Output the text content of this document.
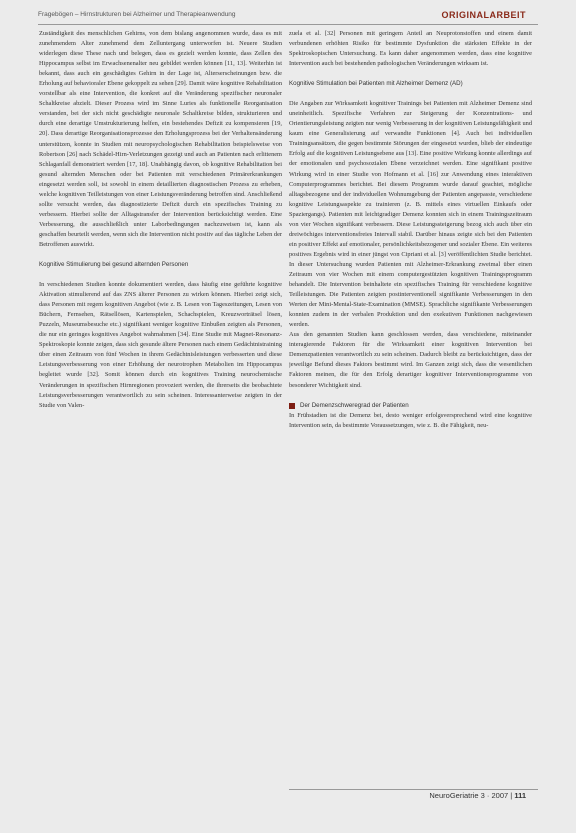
Fragebögen – Hirnstrukturen bei Alzheimer und Therapieanwendung	ORIGINALARBEIT

Zuständigkeit des menschlichen Gehirns, von dem bislang angenommen wurde, dass es mit zunehmendem Alter zunehmend dem Zelluntergang unterworfen ist. Neuere Studien widerlegen diese These nach und belegen, dass es gezielt werden konnte, dass Zellen des Hippocampus selbst im Erwachsenenalter neu gebildet werden können [11, 13]. Weiterhin ist bekannt, dass auch ein geschädigtes Gehirn in der Lage ist, Alterserscheinungen bzw. die Erholung auf behavioraler Ebene gekoppelt zu sehen [29]. Damit wäre kognitive Rehabilitation vorstellbar als eine Intervention, die konkret auf die Veränderung spezifischer neuronaler Schaltkreise abzielt. Dieser Prozess wird im Sinne Luries als funktionelle Reorganisation verstanden, bei der sich nicht geschädigte neuronale Schaltkreise bilden, strukturieren und durch eine derartige Umstrukturierung helfen, ein bestehendes Defizit zu kompensieren [19, 20]. Dass derartige Reorganisationsprozesse den Erholungsprozess bei der Verhaltensänderung unterstützen, konnte in Studien mit neuropsychologischen Rehabilitation beispielsweise von Robertson [26] nach Schädel-Hirn-Verletzungen gezeigt und auch an Patienten nach erlittenem Schlaganfall demonstriert werden [17, 18]. Unabhängig davon, ob kognitive Rehabilitation bei gesund alternden Menschen oder bei Patienten mit verschiedenen Primärerkrankungen eingesetzt werden soll, ist sowohl in einem detaillierten diagnostischen Prozess zu erheben, welche kognitiven Teilleistungen von einer Leistungsveränderung betroffen sind. Anschließend sollte versucht werden, das diagnostizierte Defizit durch ein spezifisches Training zu verbessern. Hierbei sollte der Alltagstransfer der Intervention berücksichtigt werden. Eine Verbesserung, die ausschließlich unter Laborbedingungen nachzuweisen ist, kann als geschaffen beurteilt werden, wenn sich die Intervention nicht positiv auf das tägliche Leben der Betroffenen auswirkt.

Kognitive Stimulierung bei gesund alternden Personen

In verschiedenen Studien konnte dokumentiert werden, dass häufig eine geführte kognitive Aktivation stimulierend auf das ZNS älterer Personen zu wirken können. Hierbei zeigt sich, dass Personen mit regem kognitiven Angebot (wie z. B. Lesen von Tageszeitungen, Lesen von Büchern, Fernsehen, Rätsellösen, Kartenspielen, Schachspielen, Kreuzworträtsel lösen, Puzzeln, Museumsbesuche etc.) signifikant weniger kognitive Einbußen zeigten als Personen, die nur ein geringes kognitives Angebot wahrnahmen [34]. Eine Studie mit Magnet-Resonanz-Spektroskopie konnte zeigen, dass sich gesunde ältere Personen nach einem Gedächtnistraining über einen Zeitraum von fünf Wochen in ihrem Gedächtnisleistungen verbesserten und diese Leistungsverbesserung von einer Erhöhung der neurotrophen Metabolien im Hippocampus begleitet wurde [32]. Somit können durch ein kognitives Training neurochemische Veränderungen in spezifischen Hirnregionen provoziert werden, die ihrerseits die beobachtete Leistungsverbesserungen verantwortlich zu sein scheinen. Interessanterweise zeigten in der Studie von Valen-

zuela et al. [32] Personen mit geringem Anteil an Neuprotonstoffen und einem damit verbundenen erhöhten Risiko für bestimmte Dysfunktion die stärksten Effekte in der Spektroskopischen Untersuchung. Es kann daher angenommen werden, dass eine kognitive Intervention auch bei bestehenden pathologischen Veränderungen wirksam ist.

Kognitive Stimulation bei Patienten mit Alzheimer Demenz (AD)

Die Angaben zur Wirksamkeit kognitiver Trainings bei Patienten mit Alzheimer Demenz sind uneinheitlich. Spezifische Verfahren zur Steigerung der Konzentrations- und Orientierungsleistung zeigten nur wenig Verbesserung in der kognitiven Leistungsfähigkeit und kaum eine Generalisierung auf verwandte Funktionen [4]. Auch bei individuellen Trainingsansätzen, die gegen bestimmte Störungen der eingesetzt wurden, blieb der eindeutige Erfolg auf die kognitiven Leistungsebene aus [13]. Eine positive Wirkung konnte allerdings auf der emotionalen und psychosozialen Ebene verzeichnet werden. Eine signifikant positive Wirkung wird in einer Studie von Hofmann et al. [16] zur Anwendung eines interaktiven Computerprogrammes berichtet. Bei diesem Programm wurde darauf geachtet, mögliche alltagsbezogene und der individuellen Wohnumgebung der Patienten angepasste, verschiedene kognitive Leistungsaspekte zu trainieren (z. B. mittels eines virtuellen Einkaufs oder Spaziergangs). Patienten mit leichtgradiger Demenz konnten sich in einem Trainingszeitraum von vier Wochen signifikant verbessern. Diese Leistungssteigerung bezog sich auch über ein dreiwöchiges interventionsfreies Intervall stabil. Darüber hinaus zeigte sich bei den Patienten ein positiver Effekt auf emotionaler, persönlichkeitsbezogener und sozialer Ebene. Ein weiteres positives Ergebnis wird in einer jüngst von Cipriani et al. [3] veröffentlichten Studie berichtet. In dieser Untersuchung wurden Patienten mit Alzheimer-Erkrankung zweimal über einen Zeitraum von vier Wochen mit einem computergestützten kognitiven Trainingsprogramm behandelt. Die Intervention beinhaltete ein spezifisches Training für verschiedene kognitive Teilleistungen. Die Patienten zeigten postinterventionell signifikante Verbesserungen in den Werten der Mini-Mental-State-Examination (MMSE). Sprachliche signifikante Verbesserungen konnten zudem in der verbalen Produktion und den exekutiven Funktionen nachgewiesen werden.

Aus den genannten Studien kann geschlossen werden, dass verschiedene, miteinander interagierende Faktoren für die Wirksamkeit einer kognitiven Intervention bei Demenzpatienten verantwortlich zu sein scheinen. Dadurch bleibt zu berücksichtigen, dass der jeweilige Befund dieses Faktors bestimmt wird. Im Ganzen zeigt sich, dass die wesentlichen Faktoren meinen, die für den Erfolg derartiger kognitiver Interventionsprogramme von besonderer Wichtigkeit sind.

Der Demenzschweregrad der Patienten

In Frühstadien ist die Demenz bei, desto weniger erfolgsversprechend wird eine kognitive Intervention sein, da bestimmte Voraussetzungen, wie z. B. die Fähigkeit, neu-

NeuroGeriatrie 3 · 2007 | 111
